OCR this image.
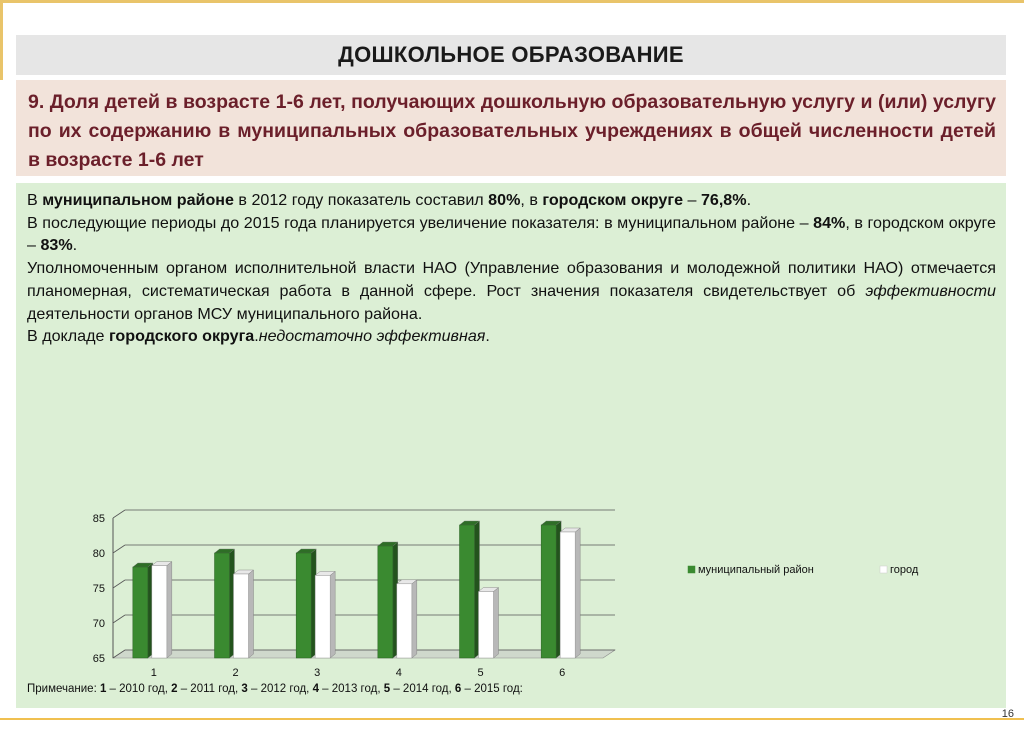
ДОШКОЛЬНОЕ ОБРАЗОВАНИЕ

9. Доля детей в возрасте 1-6 лет, получающих дошкольную образовательную услугу и (или) услугу по их содержанию в муниципальных образовательных учреждениях в общей численности детей в возрасте 1-6 лет

В муниципальном районе в 2012 году показатель составил 80%, в городском округе – 76,8%.

В последующие периоды до 2015 года планируется увеличение показателя: в муниципальном районе – 84%, в городском округе – 83%.

Уполномоченным органом исполнительной власти НАО (Управление образования и молодежной политики НАО) отмечается планомерная, систематическая работа в данной сфере. Рост значения показателя свидетельствует об эффективности деятельности органов МСУ муниципального района.

В докладе городского округа.недостаточно эффективная.

65
70
75
80
85
1	2	3	4	5	6
муниципальный район	город
Примечание: 1 – 2010 год, 2 – 2011 год, 3 – 2012 год, 4 – 2013 год, 5 – 2014 год, 6 – 2015 год:
16
